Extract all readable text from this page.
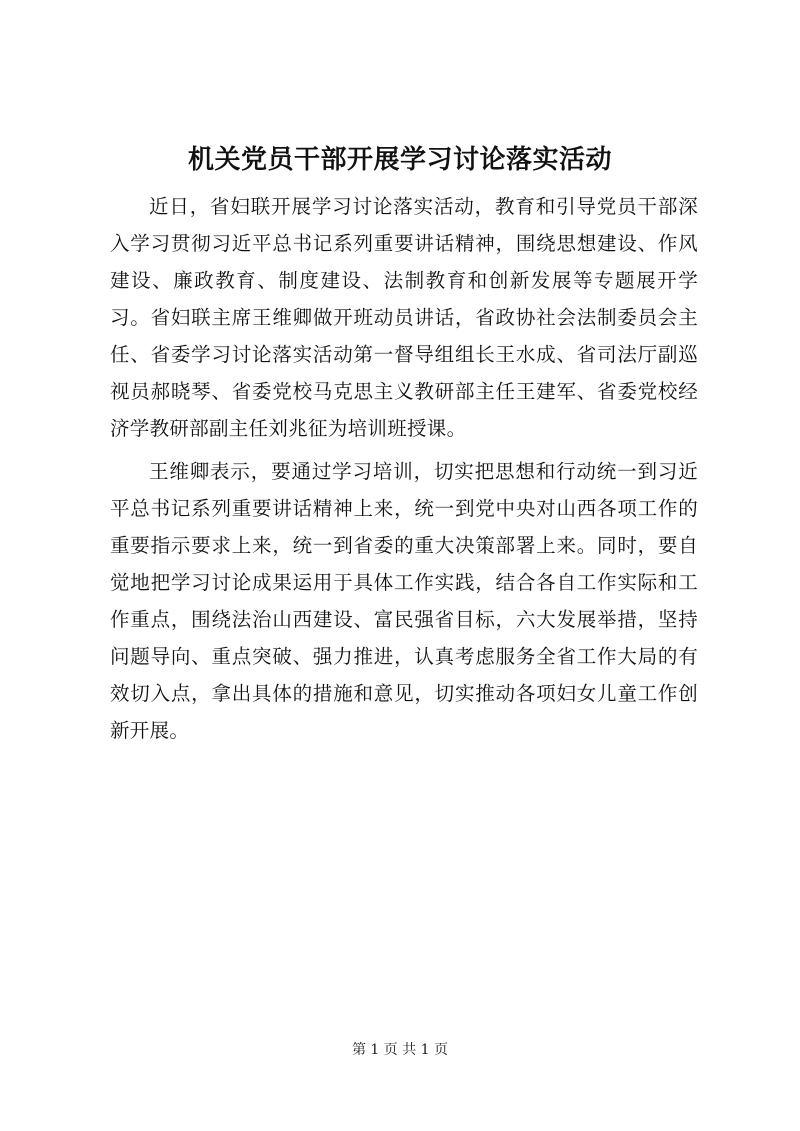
机关党员干部开展学习讨论落实活动

近日，省妇联开展学习讨论落实活动，教育和引导党员干部深入学习贯彻习近平总书记系列重要讲话精神，围绕思想建设、作风建设、廉政教育、制度建设、法制教育和创新发展等专题展开学习。省妇联主席王维卿做开班动员讲话，省政协社会法制委员会主任、省委学习讨论落实活动第一督导组组长王水成、省司法厅副巡视员郝晓琴、省委党校马克思主义教研部主任王建军、省委党校经济学教研部副主任刘兆征为培训班授课。

王维卿表示，要通过学习培训，切实把思想和行动统一到习近平总书记系列重要讲话精神上来，统一到党中央对山西各项工作的重要指示要求上来，统一到省委的重大决策部署上来。同时，要自觉地把学习讨论成果运用于具体工作实践，结合各自工作实际和工作重点，围绕法治山西建设、富民强省目标，六大发展举措，坚持问题导向、重点突破、强力推进，认真考虑服务全省工作大局的有效切入点，拿出具体的措施和意见，切实推动各项妇女儿童工作创新开展。

第 1 页 共 1 页
